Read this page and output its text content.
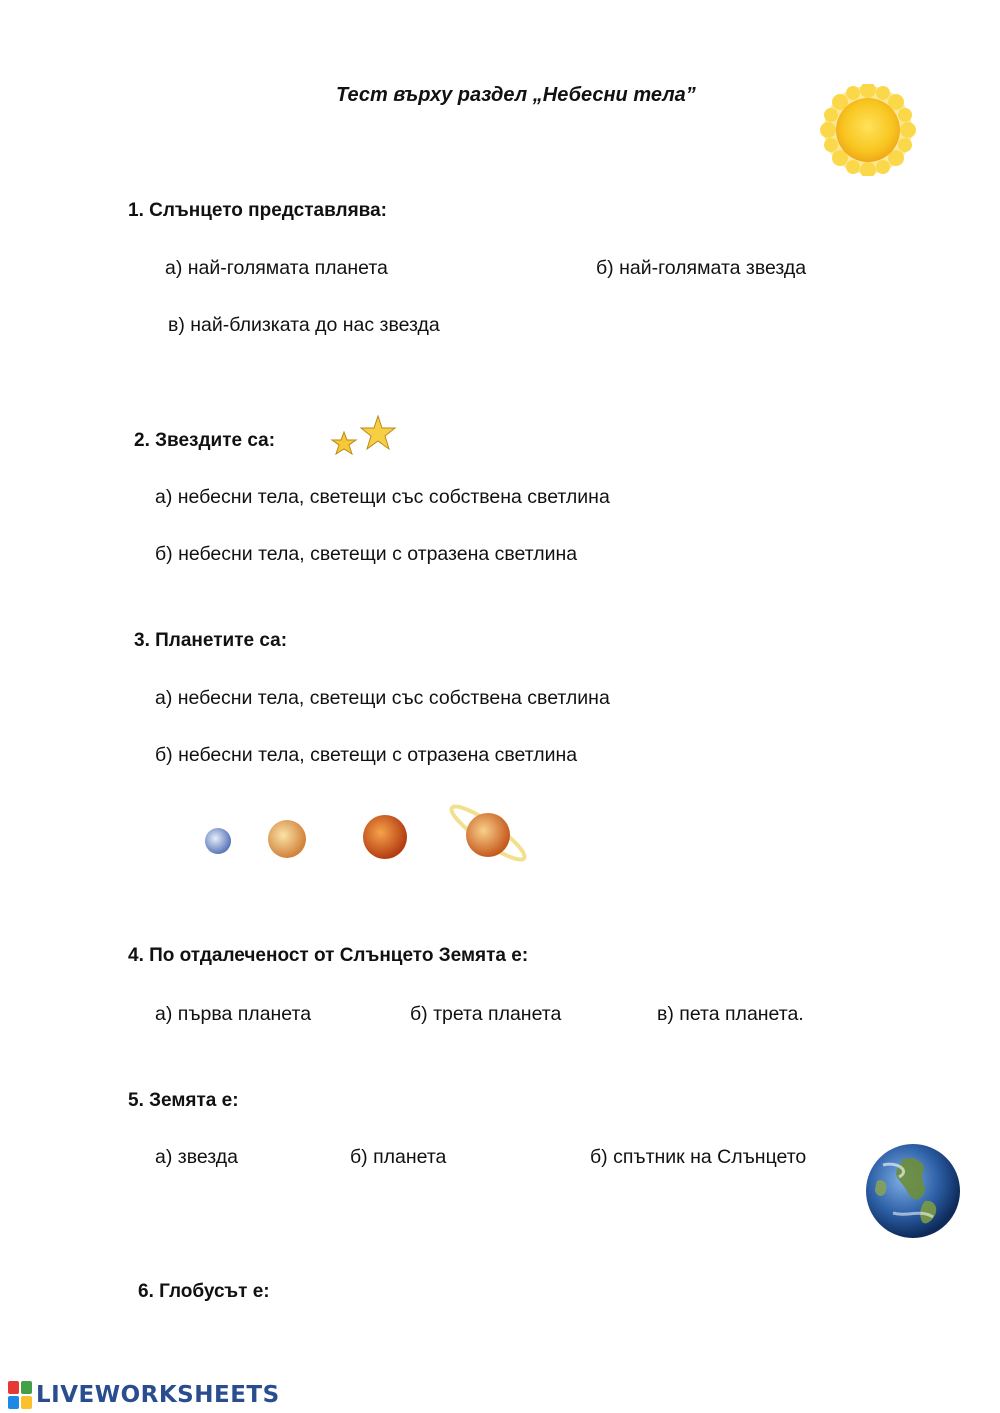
Тест върху раздел „Небесни тела”
1. Слънцето представлява:
а) най-голямата планета	б) най-голямата звезда
в) най-близката до нас звезда
2. Звездите са:
а) небесни тела, светещи със собствена светлина
б) небесни тела, светещи с отразена светлина
3. Планетите са:
а) небесни тела, светещи със собствена светлина
б) небесни тела, светещи с отразена светлина
4. По отдалеченост от Слънцето Земята е:
а) първа планета	б) трета планета	в) пета планета.
5. Земята е:
а) звезда	б) планета	б) спътник на Слънцето
6. Глобусът е:
LIVEWORKSHEETS
